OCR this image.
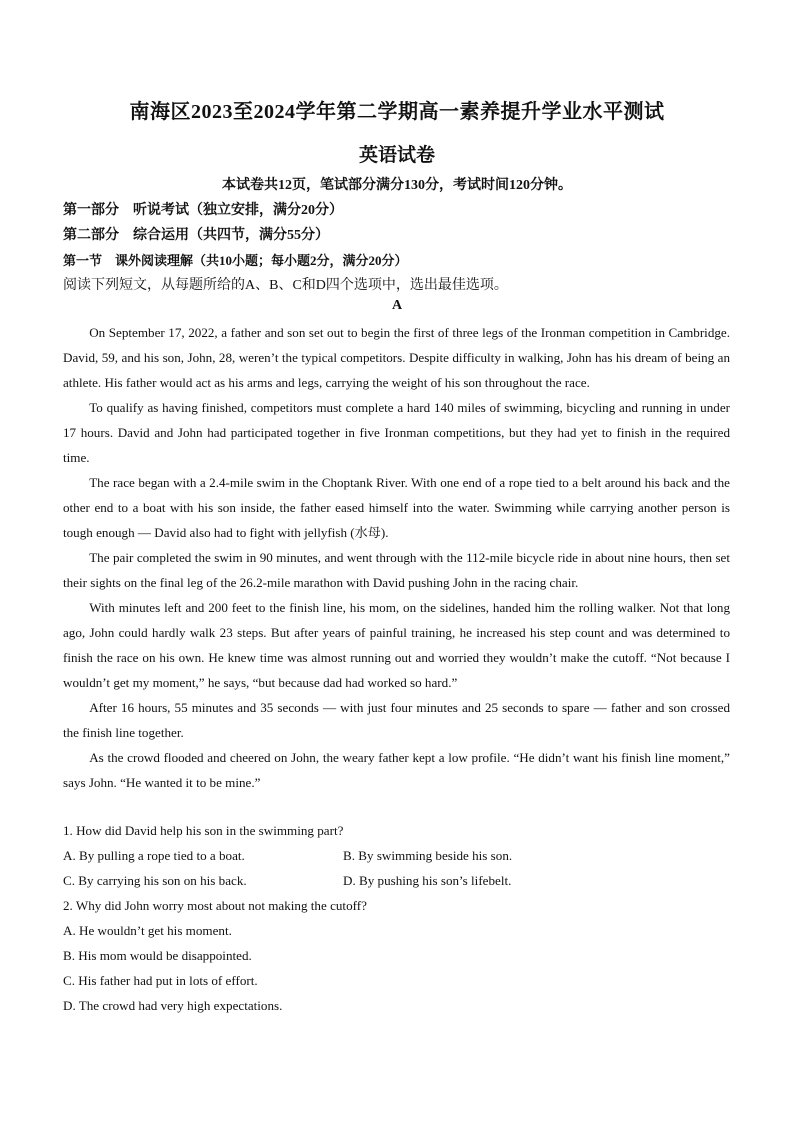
南海区2023至2024学年第二学期高一素养提升学业水平测试
英语试卷
本试卷共12页，笔试部分满分130分，考试时间120分钟。
第一部分    听说考试（独立安排，满分20分）
第二部分    综合运用（共四节，满分55分）
第一节    课外阅读理解（共10小题；每小题2分，满分20分）
阅读下列短文，从每题所给的A、B、C和D四个选项中，选出最佳选项。
A

On September 17, 2022, a father and son set out to begin the first of three legs of the Ironman competition in Cambridge. David, 59, and his son, John, 28, weren’t the typical competitors. Despite difficulty in walking, John has his dream of being an athlete. His father would act as his arms and legs, carrying the weight of his son throughout the race.

To qualify as having finished, competitors must complete a hard 140 miles of swimming, bicycling and running in under 17 hours. David and John had participated together in five Ironman competitions, but they had yet to finish in the required time.

The race began with a 2.4-mile swim in the Choptank River. With one end of a rope tied to a belt around his back and the other end to a boat with his son inside, the father eased himself into the water. Swimming while carrying another person is tough enough — David also had to fight with jellyfish (水母).

The pair completed the swim in 90 minutes, and went through with the 112-mile bicycle ride in about nine hours, then set their sights on the final leg of the 26.2-mile marathon with David pushing John in the racing chair.

With minutes left and 200 feet to the finish line, his mom, on the sidelines, handed him the rolling walker. Not that long ago, John could hardly walk 23 steps. But after years of painful training, he increased his step count and was determined to finish the race on his own. He knew time was almost running out and worried they wouldn’t make the cutoff. “Not because I wouldn’t get my moment,” he says, “but because dad had worked so hard.”

After 16 hours, 55 minutes and 35 seconds — with just four minutes and 25 seconds to spare — father and son crossed the finish line together.

As the crowd flooded and cheered on John, the weary father kept a low profile. “He didn’t want his finish line moment,” says John. “He wanted it to be mine.”

1. How did David help his son in the swimming part?
A. By pulling a rope tied to a boat.	B. By swimming beside his son.
C. By carrying his son on his back.	D. By pushing his son’s lifebelt.
2. Why did John worry most about not making the cutoff?
A. He wouldn’t get his moment.
B. His mom would be disappointed.
C. His father had put in lots of effort.
D. The crowd had very high expectations.
